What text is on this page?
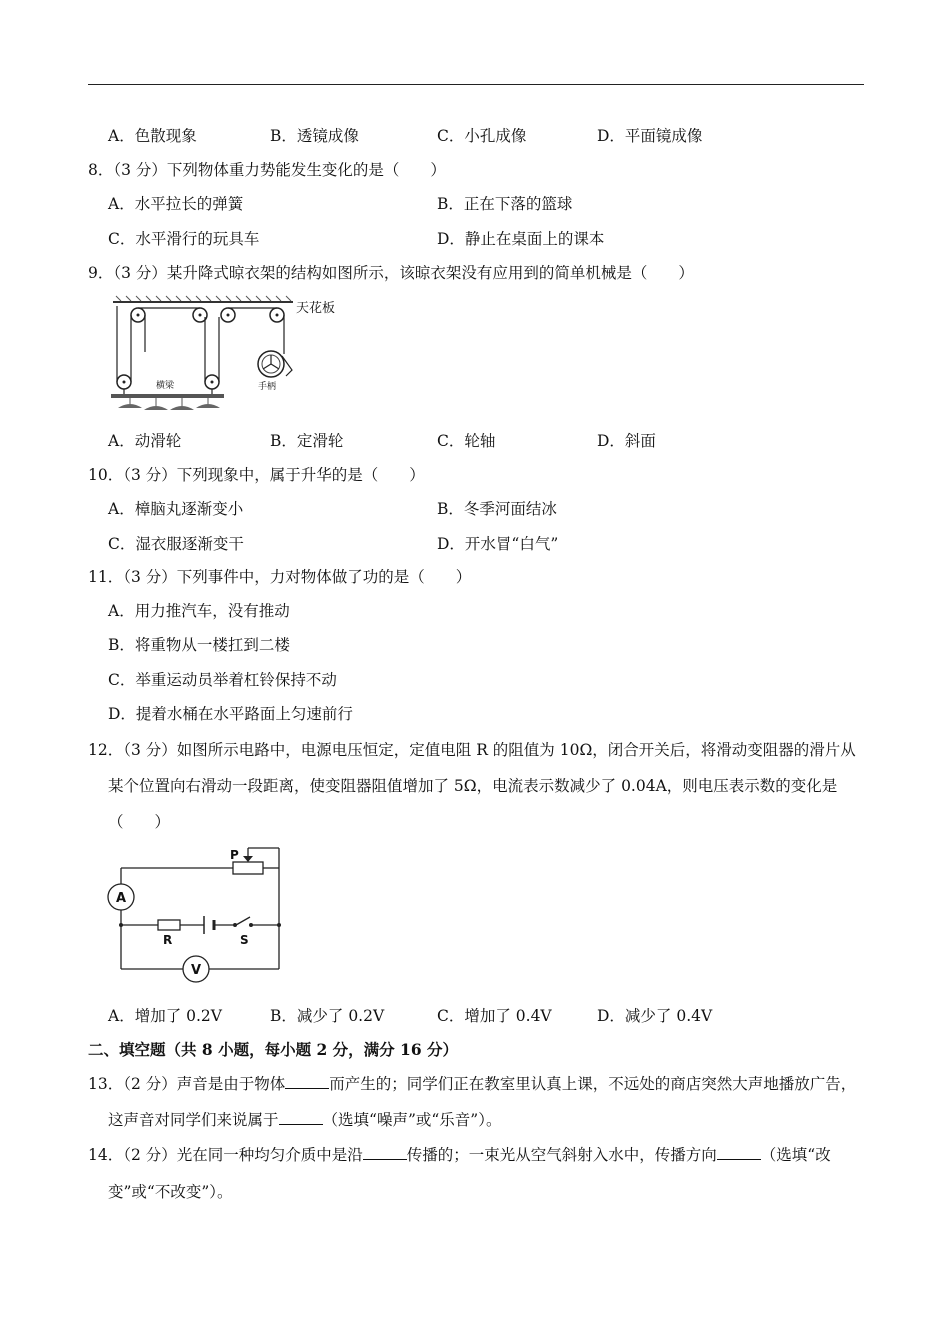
A．色散现象	B．透镜成像	C．小孔成像	D．平面镜成像
8．（3 分）下列物体重力势能发生变化的是（　　）
A．水平拉长的弹簧	B．正在下落的篮球
C．水平滑行的玩具车	D．静止在桌面上的课本
9．（3 分）某升降式晾衣架的结构如图所示，该晾衣架没有应用到的简单机械是（　　）
天花板
手柄
横梁
A．动滑轮	B．定滑轮	C．轮轴	D．斜面
10．（3 分）下列现象中，属于升华的是（　　）
A．樟脑丸逐渐变小	B．冬季河面结冰
C．湿衣服逐渐变干	D．开水冒“白气”
11．（3 分）下列事件中，力对物体做了功的是（　　）
A．用力推汽车，没有推动
B．将重物从一楼扛到二楼
C．举重运动员举着杠铃保持不动
D．提着水桶在水平路面上匀速前行
12．（3 分）如图所示电路中，电源电压恒定，定值电阻 R 的阻值为 10Ω，闭合开关后，将滑动变阻器的滑片从
某个位置向右滑动一段距离，使变阻器阻值增加了 5Ω，电流表示数减少了 0.04A，则电压表示数的变化是
（　　）
P
A
R	S
V
A．增加了 0.2V	B．减少了 0.2V	C．增加了 0.4V	D．减少了 0.4V
二、填空题（共 8 小题，每小题 2 分，满分 16 分）
13．（2 分）声音是由于物体	而产生的；同学们正在教室里认真上课，不远处的商店突然大声地播放广告，
这声音对同学们来说属于	（选填“噪声”或“乐音”）。
14．（2 分）光在同一种均匀介质中是沿	传播的；一束光从空气斜射入水中，传播方向	（选填“改
变”或“不改变”）。
